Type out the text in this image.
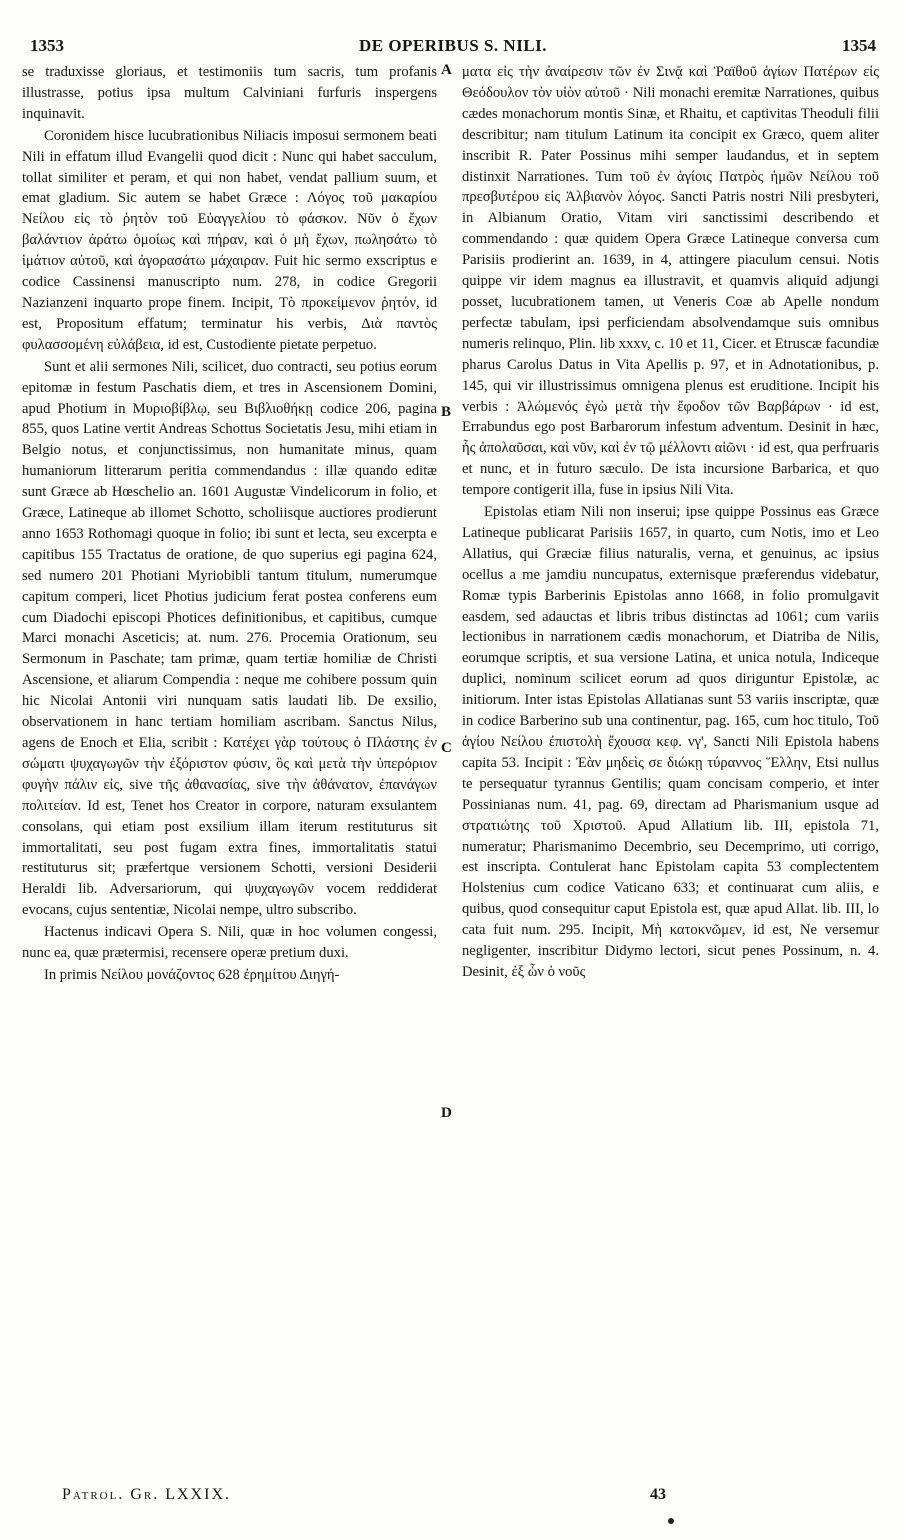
1353	DE OPERIBUS S. NILI.	1354

se traduxisse gloriaus, et testimoniis tum sacris, tum profanis illustrasse, potius ipsa multum Calviniani furfuris inspergens inquinavit.

Coronidem hisce lucubrationibus Niliacis imposui sermonem beati Nili in effatum illud Evangelii quod dicit : Nunc qui habet sacculum, tollat similiter et peram, et qui non habet, vendat pallium suum, et emat gladium. Sic autem se habet Græce : Λόγος τοῦ μακαρίου Νείλου εἰς τὸ ῥητὸν τοῦ Εὐαγγελίου τὸ φάσκον. Νῦν ὁ ἔχων βαλάντιον ἀράτω ὁμοίως καὶ πήραν, καὶ ὁ μὴ ἔχων, πωλησάτω τὸ ἱμάτιον αὐτοῦ, καὶ ἀγορασάτω μάχαιραν. Fuit hic sermo exscriptus e codice Cassinensi manuscripto num. 278, in codice Gregorii Nazianzeni inquarto prope finem. Incipit, Τὸ προκείμενον ῥητόν, id est, Propositum effatum; terminatur his verbis, Διὰ παντὸς φυλασσομένη εὐλάβεια, id est, Custodiente pietate perpetuo.

Sunt et alii sermones Nili, scilicet, duo contracti, seu potius eorum epitomæ in festum Paschatis diem, et tres in Ascensionem Domini, apud Photium in Μυριοβίβλῳ, seu Βιβλιοθήκῃ codice 206, pagina 855, quos Latine vertit Andreas Schottus Societatis Jesu, mihi etiam in Belgio notus, et conjunctissimus, non humanitate minus, quam humaniorum litterarum peritia commendandus : illæ quando editæ sunt Græce ab Hœschelio an. 1601 Augustæ Vindelicorum in folio, et Græce, Latineque ab illomet Schotto, scholiisque auctiores prodierunt anno 1653 Rothomagi quoque in folio; ibi sunt et lecta, seu excerpta e capitibus 155 Tractatus de oratione, de quo superius egi pagina 624, sed numero 201 Photiani Myriobibli tantum titulum, numerumque capitum comperi, licet Photius judicium ferat postea conferens eum cum Diadochi episcopi Photices definitionibus, et capitibus, cumque Marci monachi Asceticis; at. num. 276. Procemia Orationum, seu Sermonum in Paschate; tam primæ, quam tertiæ homiliæ de Christi Ascensione, et aliarum Compendia : neque me cohibere possum quin hic Nicolai Antonii viri nunquam satis laudati lib. De exsilio, observationem in hanc tertiam homiliam ascribam. Sanctus Nilus, agens de Enoch et Elia, scribit : Κατέχει γὰρ τούτους ὁ Πλάστης ἐν σώματι ψυχαγωγῶν τὴν ἐξόριστον φύσιν, ὃς καὶ μετὰ τὴν ὑπερόριον φυγὴν πάλιν εἰς, sive τῆς ἀθανασίας, sive τὴν ἀθάνατον, ἐπανάγων πολιτείαν. Id est, Tenet hos Creator in corpore, naturam exsulantem consolans, qui etiam post exsilium illam iterum restituturus sit immortalitati, seu post fugam extra fines, immortalitatis statui restituturus sit; præfertque versionem Schotti, versioni Desiderii Heraldi lib. Adversariorum, qui ψυχαγωγῶν vocem reddiderat evocans, cujus sententiæ, Nicolai nempe, ultro subscribo.

Hactenus indicavi Opera S. Nili, quæ in hoc volumen congessi, nunc ea, quæ prætermisi, recensere operæ pretium duxi.

In primis Νείλου μονάζοντος 628 ἐρημίτου Διηγή-

A
B
C
D

ματα εἰς τὴν ἀναίρεσιν τῶν ἐν Σινᾷ καὶ Ῥαϊθοῦ ἁγίων Πατέρων εἰς Θεόδουλον τὸν υἱὸν αὐτοῦ · Nili monachi eremitæ Narrationes, quibus cædes monachorum montis Sinæ, et Rhaitu, et captivitas Theoduli filii describitur; nam titulum Latinum ita concipit ex Græco, quem aliter inscribit R. Pater Possinus mihi semper laudandus, et in septem distinxit Narrationes. Tum τοῦ ἐν ἁγίοις Πατρὸς ἡμῶν Νείλου τοῦ πρεσβυτέρου εἰς Ἀλβιανὸν λόγος. Sancti Patris nostri Nili presbyteri, in Albianum Oratio, Vitam viri sanctissimi describendo et commendando : quæ quidem Opera Græce Latineque conversa cum Parisiis prodierint an. 1639, in 4, attingere piaculum censui. Notis quippe vir idem magnus ea illustravit, et quamvis aliquid adjungi posset, lucubrationem tamen, ut Veneris Coæ ab Apelle nondum perfectæ tabulam, ipsi perficiendam absolvendamque suis omnibus numeris relinquo, Plin. lib xxxv, c. 10 et 11, Cicer. et Etruscæ facundiæ pharus Carolus Datus in Vita Apellis p. 97, et in Adnotationibus, p. 145, qui vir illustrissimus omnigena plenus est eruditione. Incipit his verbis : Ἀλώμενός ἐγὼ μετὰ τὴν ἔφοδον τῶν Βαρβάρων · id est, Errabundus ego post Barbarorum infestum adventum. Desinit in hæc, ἧς ἀπολαῦσαι, καὶ νῦν, καὶ ἐν τῷ μέλλοντι αἰῶνι · id est, qua perfruaris et nunc, et in futuro sæculo. De ista incursione Barbarica, et quo tempore contigerit illa, fuse in ipsius Nili Vita.

Epistolas etiam Nili non inserui; ipse quippe Possinus eas Græce Latineque publicarat Parisiis 1657, in quarto, cum Notis, imo et Leo Allatius, qui Græciæ filius naturalis, verna, et genuinus, ac ipsius ocellus a me jamdiu nuncupatus, externisque præferendus videbatur, Romæ typis Barberinis Epistolas anno 1668, in folio promulgavit easdem, sed adauctas et libris tribus distinctas ad 1061; cum variis lectionibus in narrationem cædis monachorum, et Diatriba de Nilis, eorumque scriptis, et sua versione Latina, et unica notula, Indiceque duplici, nominum scilicet eorum ad quos diriguntur Epistolæ, ac initiorum. Inter istas Epistolas Allatianas sunt 53 variis inscriptæ, quæ in codice Barberino sub una continentur, pag. 165, cum hoc titulo, Τοῦ ἁγίου Νείλου ἐπιστολὴ ἔχουσα κεφ. νγ', Sancti Nili Epistola habens capita 53. Incipit : Ἐὰν μηδεὶς σε διώκῃ τύραννος Ἕλλην, Etsi nullus te persequatur tyrannus Gentilis; quam concisam comperio, et inter Possinianas num. 41, pag. 69, directam ad Pharismanium usque ad στρατιώτης τοῦ Χριστοῦ. Apud Allatium lib. III, epistola 71, numeratur; Pharismanimo Decembrio, seu Decemprimo, uti corrigo, est inscripta. Contulerat hanc Epistolam capita 53 complectentem Holstenius cum codice Vaticano 633; et continuarat cum aliis, e quibus, quod consequitur caput Epistola est, quæ apud Allat. lib. III, lo cata fuit num. 295. Incipit, Μὴ κατοκνῶμεν, id est, Ne versemur negligenter, inscribitur Didymo lectori, sicut penes Possinum, n. 4. Desinit, ἐξ ὧν ὁ νοῦς

Patrol. Gr. LXXIX.	43
